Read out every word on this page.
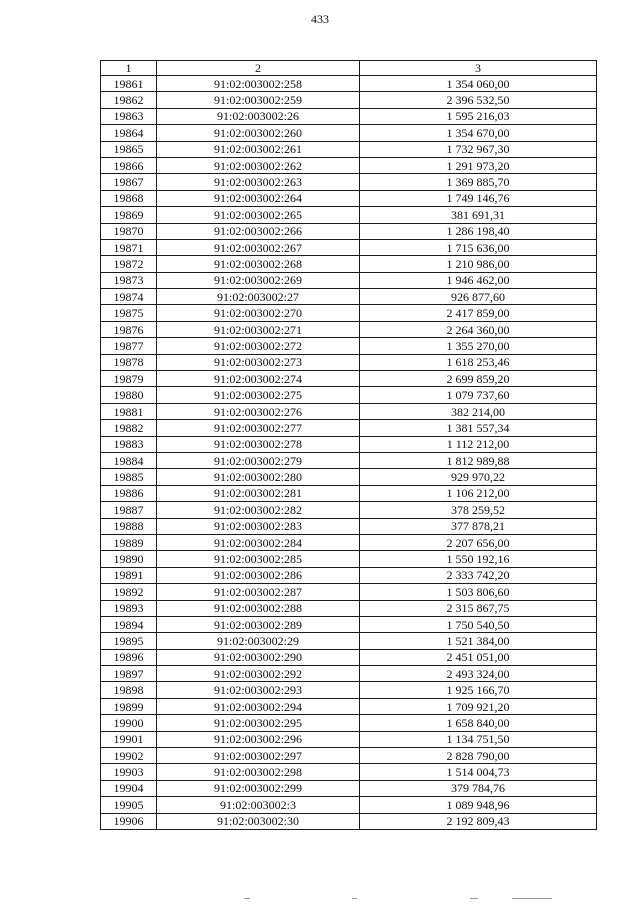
433
1	2	3
19861	91:02:003002:258	1 354 060,00
19862	91:02:003002:259	2 396 532,50
19863	91:02:003002:26	1 595 216,03
19864	91:02:003002:260	1 354 670,00
19865	91:02:003002:261	1 732 967,30
19866	91:02:003002:262	1 291 973,20
19867	91:02:003002:263	1 369 885,70
19868	91:02:003002:264	1 749 146,76
19869	91:02:003002:265	381 691,31
19870	91:02:003002:266	1 286 198,40
19871	91:02:003002:267	1 715 636,00
19872	91:02:003002:268	1 210 986,00
19873	91:02:003002:269	1 946 462,00
19874	91:02:003002:27	926 877,60
19875	91:02:003002:270	2 417 859,00
19876	91:02:003002:271	2 264 360,00
19877	91:02:003002:272	1 355 270,00
19878	91:02:003002:273	1 618 253,46
19879	91:02:003002:274	2 699 859,20
19880	91:02:003002:275	1 079 737,60
19881	91:02:003002:276	382 214,00
19882	91:02:003002:277	1 381 557,34
19883	91:02:003002:278	1 112 212,00
19884	91:02:003002:279	1 812 989,88
19885	91:02:003002:280	929 970,22
19886	91:02:003002:281	1 106 212,00
19887	91:02:003002:282	378 259,52
19888	91:02:003002:283	377 878,21
19889	91:02:003002:284	2 207 656,00
19890	91:02:003002:285	1 550 192,16
19891	91:02:003002:286	2 333 742,20
19892	91:02:003002:287	1 503 806,60
19893	91:02:003002:288	2 315 867,75
19894	91:02:003002:289	1 750 540,50
19895	91:02:003002:29	1 521 384,00
19896	91:02:003002:290	2 451 051,00
19897	91:02:003002:292	2 493 324,00
19898	91:02:003002:293	1 925 166,70
19899	91:02:003002:294	1 709 921,20
19900	91:02:003002:295	1 658 840,00
19901	91:02:003002:296	1 134 751,50
19902	91:02:003002:297	2 828 790,00
19903	91:02:003002:298	1 514 004,73
19904	91:02:003002:299	379 784,76
19905	91:02:003002:3	1 089 948,96
19906	91:02:003002:30	2 192 809,43
